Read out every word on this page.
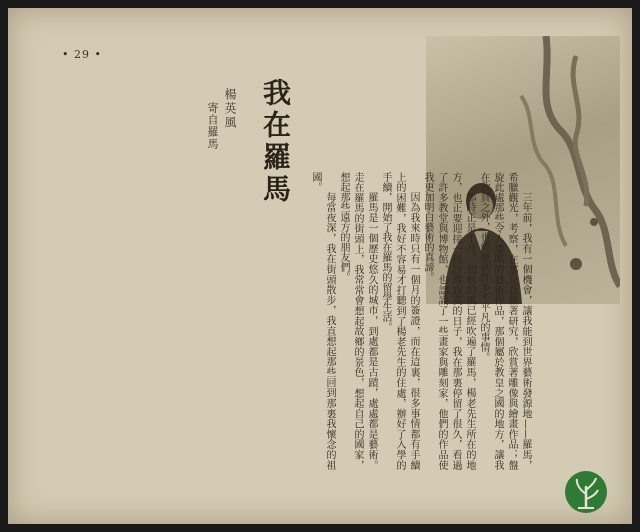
• 29 •
我在羅馬
楊英風
寄自羅馬

三年前，我有一個機會，讓我能到世界藝術發源地——羅馬，希臘觀光，考察，在那兒我藉著研究，欣賞著雕像與繪畫作品；盤旋此處那些令人讚嘆的藝術作品，那個屬於教皇之國的地方，讓我在欣賞之外，也經歷到許多不平凡的事情。

那時正是十月，初秋的風已經吹遍了羅馬，楊老先生所在的地方，也正要迎接一段冷落寂寞的日子，我在那裏停留了很久，看過了許多教堂與博物館，也認識了一些畫家與雕刻家，他們的作品使我更加明白藝術的真諦。

因為我來時只有一個月的簽證，而在這裏，很多事情都有手續上的困難，我好不容易才打聽到了楊老先生的住處，辦好了入學的手續，開始了我在羅馬的留學生活。

羅馬是一個歷史悠久的城市，到處都是古蹟，處處都是藝術。走在羅馬的街頭上，我常常會想起故鄉的景色，想起自己的國家，想起那些遠方的朋友們。

每當夜深，我在街頭散步，我直想起那些回到那裏我懷念的祖國。
